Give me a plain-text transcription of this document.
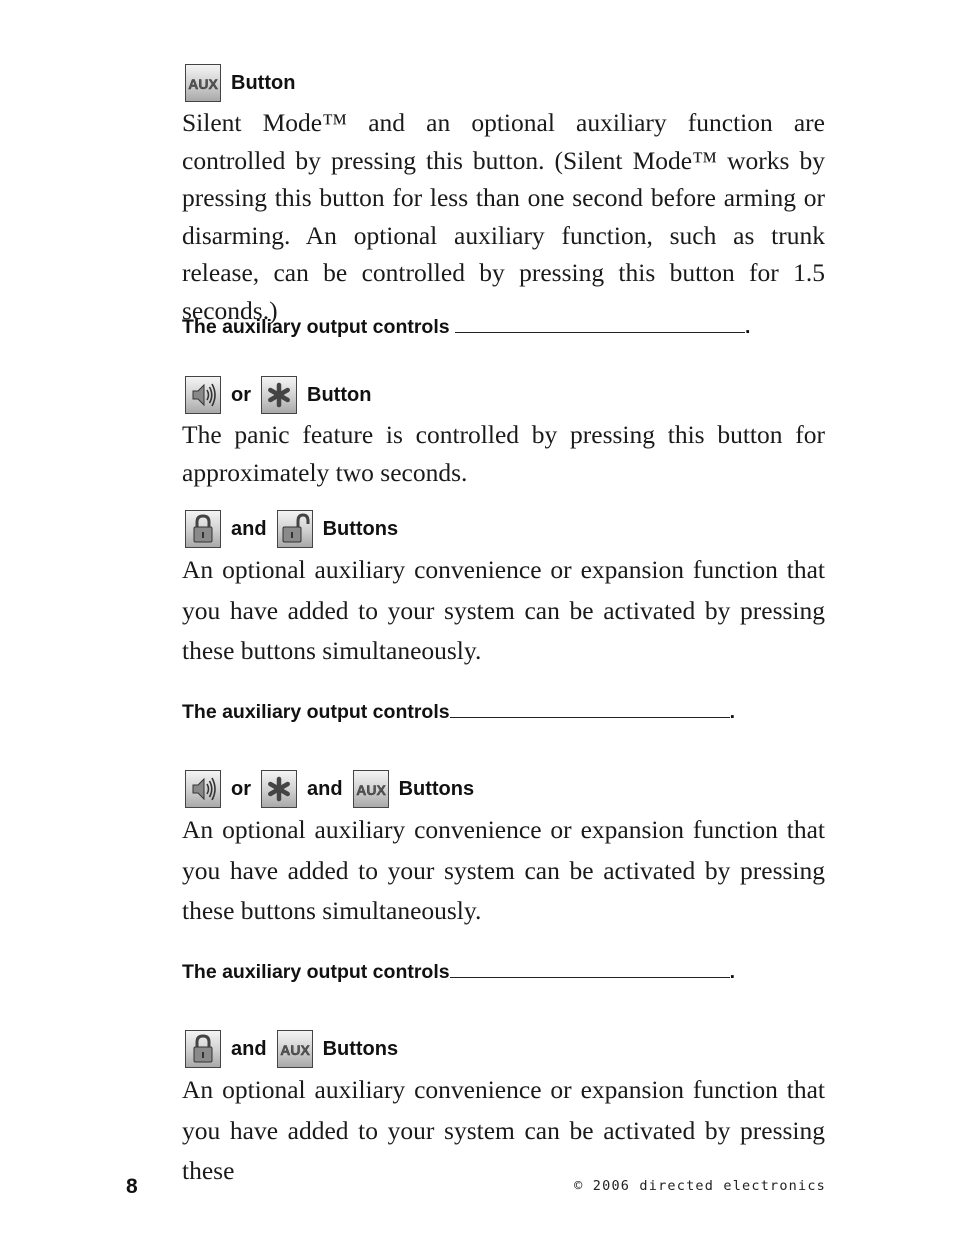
AUX Button

Silent Mode™ and an optional auxiliary function are controlled by pressing this button. (Silent Mode™ works by pressing this button for less than one second before arming or disarming. An optional auxiliary function, such as trunk release, can be controlled by pressing this button for 1.5 seconds.)

The auxiliary output controls	.
or	Button

The panic feature is controlled by pressing this button for approximately two seconds.

and	Buttons

An optional auxiliary convenience or expansion function that you have added to your system can be activated by pressing these buttons simultaneously.

The auxiliary output controls	.
or	and AUX Buttons

An optional auxiliary convenience or expansion function that you have added to your system can be activated by pressing these buttons simultaneously.

The auxiliary output controls	.
and AUX Buttons

An optional auxiliary convenience or expansion function that you have added to your system can be activated by pressing these

8	© 2006 directed electronics
